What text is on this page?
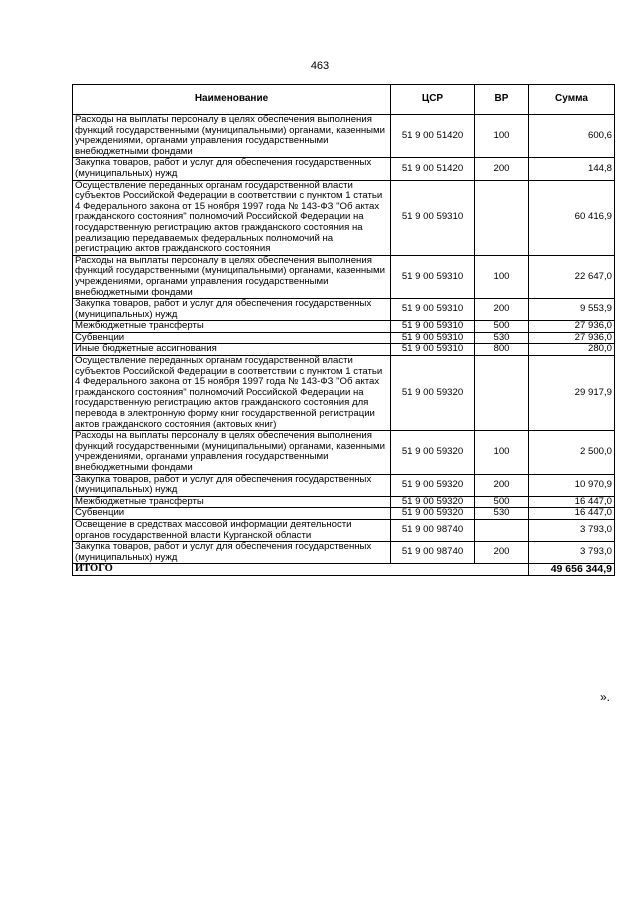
463
Наименование	ЦСР	ВР	Сумма
Расходы на выплаты персоналу в целях обеспечения выполнения функций государственными (муниципальными) органами, казенными учреждениями, органами управления государственными внебюджетными фондами	51 9 00 51420	100	600,6
Закупка товаров, работ и услуг для обеспечения государственных (муниципальных) нужд	51 9 00 51420	200	144,8
Осуществление переданных органам государственной власти субъектов Российской Федерации в соответствии с пунктом 1 статьи 4 Федерального закона от 15 ноября 1997 года № 143-ФЗ "Об актах гражданского состояния" полномочий Российской Федерации на государственную регистрацию актов гражданского состояния на реализацию передаваемых федеральных полномочий на регистрацию актов гражданского состояния	51 9 00 59310		60 416,9
Расходы на выплаты персоналу в целях обеспечения выполнения функций государственными (муниципальными) органами, казенными учреждениями, органами управления государственными внебюджетными фондами	51 9 00 59310	100	22 647,0
Закупка товаров, работ и услуг для обеспечения государственных (муниципальных) нужд	51 9 00 59310	200	9 553,9
Межбюджетные трансферты	51 9 00 59310	500	27 936,0
Субвенции	51 9 00 59310	530	27 936,0
Иные бюджетные ассигнования	51 9 00 59310	800	280,0
Осуществление переданных органам государственной власти субъектов Российской Федерации в соответствии с пунктом 1 статьи 4 Федерального закона от 15 ноября 1997 года № 143-ФЗ "Об актах гражданского состояния" полномочий Российской Федерации на государственную регистрацию актов гражданского состояния для перевода в электронную форму книг государственной регистрации актов гражданского состояния (актовых книг)	51 9 00 59320		29 917,9
Расходы на выплаты персоналу в целях обеспечения выполнения функций государственными (муниципальными) органами, казенными учреждениями, органами управления государственными внебюджетными фондами	51 9 00 59320	100	2 500,0
Закупка товаров, работ и услуг для обеспечения государственных (муниципальных) нужд	51 9 00 59320	200	10 970,9
Межбюджетные трансферты	51 9 00 59320	500	16 447,0
Субвенции	51 9 00 59320	530	16 447,0
Освещение в средствах массовой информации деятельности органов государственной власти Курганской области	51 9 00 98740		3 793,0
Закупка товаров, работ и услуг для обеспечения государственных (муниципальных) нужд	51 9 00 98740	200	3 793,0
ИТОГО			49 656 344,9
».
